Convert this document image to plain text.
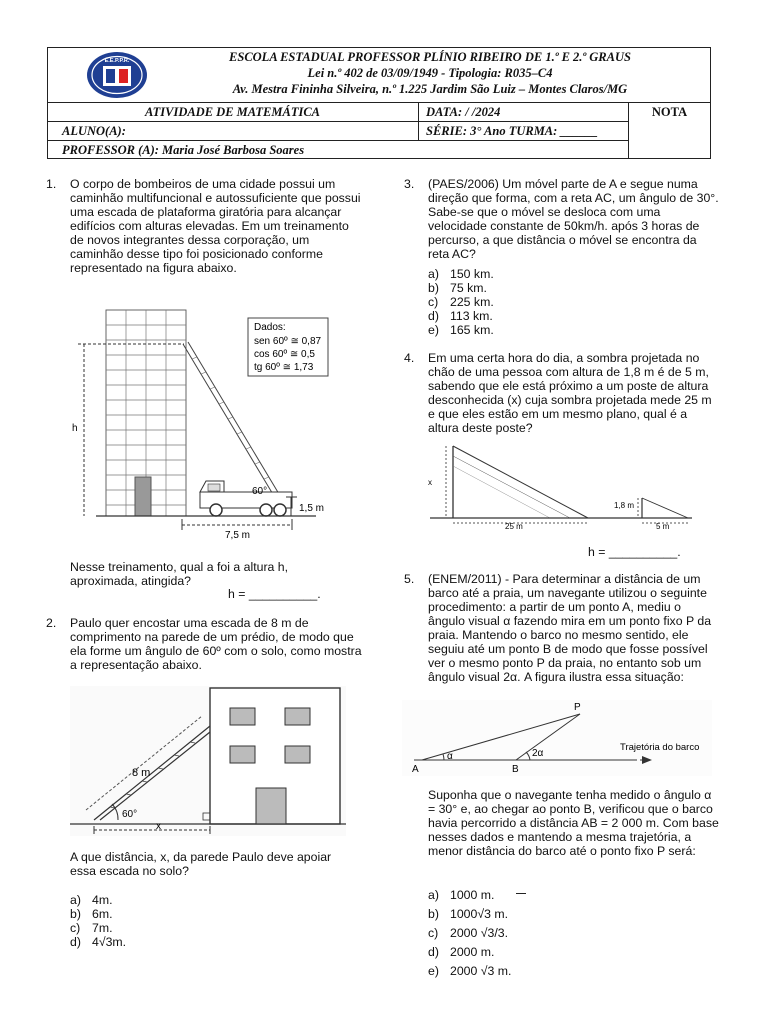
E.E.P.P.R.	ESCOLA ESTADUAL PROFESSOR PLÍNIO RIBEIRO DE 1.º E 2.º GRAUS
Lei n.º 402 de 03/09/1949 - Tipologia: R035–C4
Av. Mestra Fininha Silveira, n.º 1.225 Jardim São Luiz – Montes Claros/MG
ATIVIDADE DE MATEMÁTICA	DATA: / /2024	NOTA
ALUNO(A):	SÉRIE: 3° Ano TURMA: ______
PROFESSOR (A): Maria José Barbosa Soares
1. O corpo de bombeiros de uma cidade possui um caminhão multifuncional e autossuficiente que possui uma escada de plataforma giratória para alcançar edifícios com alturas elevadas. Em um treinamento de novos integrantes dessa corporação, um caminhão desse tipo foi posicionado conforme representado na figura abaixo.

h
60°
1,5 m
7,5 m
Dados:
sen 60º ≅ 0,87
cos 60º ≅ 0,5
tg 60º ≅ 1,73

Nesse treinamento, qual a foi a altura h, aproximada, atingida?

h = __________.
2. Paulo quer encostar uma escada de 8 m de comprimento na parede de um prédio, de modo que ela forme um ângulo de 60º com o solo, como mostra a representação abaixo.

8 m
60°
x

A que distância, x, da parede Paulo deve apoiar essa escada no solo?

a) 4m.
b) 6m.
c) 7m.
d) 4√3m.
3. (PAES/2006) Um móvel parte de A e segue numa direção que forma, com a reta AC, um ângulo de 30°. Sabe-se que o móvel se desloca com uma velocidade constante de 50km/h. após 3 horas de percurso, a que distância o móvel se encontra da reta AC?

a) 150 km.
b) 75 km.
c) 225 km.
d) 113 km.
e) 165 km.
4. Em uma certa hora do dia, a sombra projetada no chão de uma pessoa com altura de 1,8 m é de 5 m, sabendo que ele está próximo a um poste de altura desconhecida (x) cuja sombra projetada mede 25 m e que eles estão em um mesmo plano, qual é a altura deste poste?

x
25 m
1,8 m
5 m
h = __________.
5. (ENEM/2011) - Para determinar a distância de um barco até a praia, um navegante utilizou o seguinte procedimento: a partir de um ponto A, mediu o ângulo visual α fazendo mira em um ponto fixo P da praia. Mantendo o barco no mesmo sentido, ele seguiu até um ponto B de modo que fosse possível ver o mesmo ponto P da praia, no entanto sob um ângulo visual 2α. A figura ilustra essa situação:

Trajetória do barco
α	2α
P
A	B

Suponha que o navegante tenha medido o ângulo α = 30° e, ao chegar ao ponto B, verificou que o barco havia percorrido a distância AB = 2 000 m. Com base nesses dados e mantendo a mesma trajetória, a menor distância do barco até o ponto fixo P será:

a) 1000 m.
b) 1000√3 m.
c) 2000 √3/3.
d) 2000 m.
e) 2000 √3 m.
